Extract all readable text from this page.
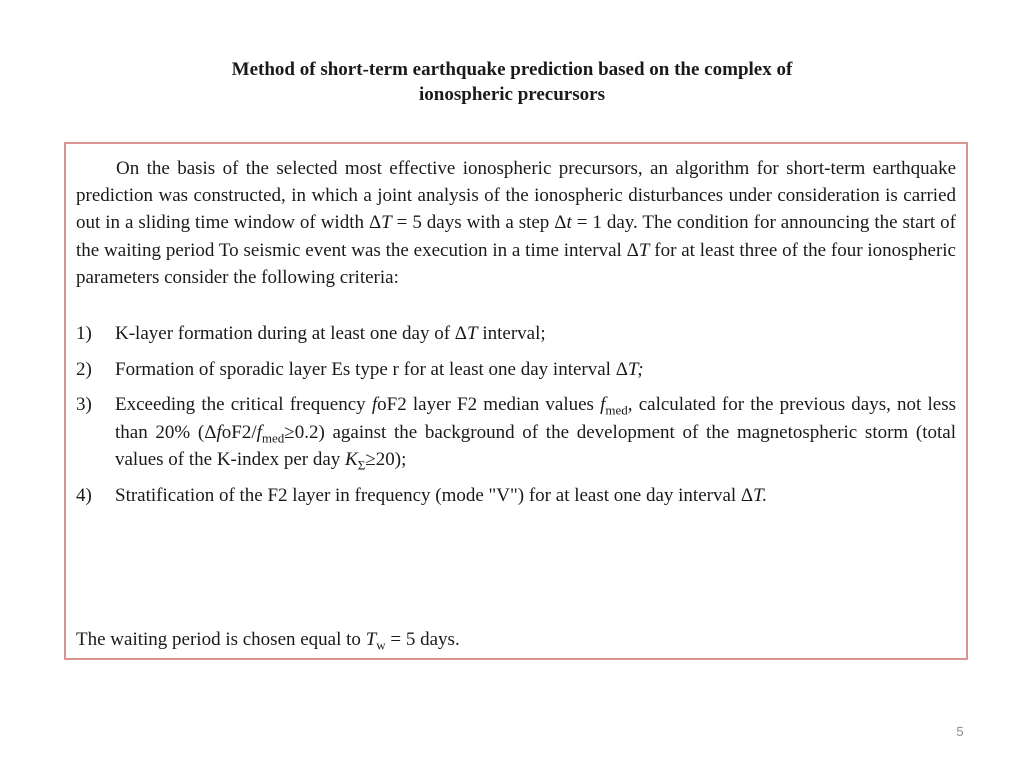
Method of short-term earthquake prediction based on the complex of
ionospheric precursors

On the basis of the selected most effective ionospheric precursors, an algorithm for short-term earthquake prediction was constructed, in which a joint analysis of the ionospheric disturbances under consideration is carried out in a sliding time window of width ΔT = 5 days with a step Δt = 1 day. The condition for announcing the start of the waiting period To seismic event was the execution in a time interval ΔT for at least three of the four ionospheric parameters consider the following criteria:

1) K-layer formation during at least one day of ΔT interval;
2) Formation of sporadic layer Es type r for at least one day interval ΔT;
3) Exceeding the critical frequency foF2 layer F2 median values $f_{med}$, calculated for the previous days, not less than 20% $(\Delta foF2/f_{med}\ge 0.2)$ against the background of the development of the magnetospheric storm (total values of the K-index per day $K_\Sigma\ge 20$);
4) Stratification of the F2 layer in frequency (mode "V") for at least one day interval ΔT.

The waiting period is chosen equal to $T_w = 5$ days.

5
